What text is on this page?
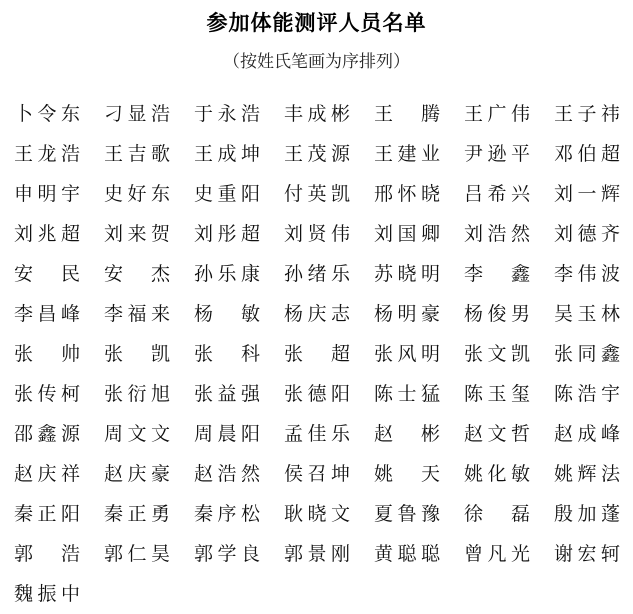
参加体能测评人员名单
（按姓氏笔画为序排列）
卜 令 东 刁 显 浩 于 永 浩 丰 成 彬 王 腾 王 广 伟 王 子 祎
王 龙 浩 王 吉 歌 王 成 坤 王 茂 源 王 建 业 尹 逊 平 邓 伯 超
申 明 宇 史 好 东 史 重 阳 付 英 凯 邢 怀 晓 吕 希 兴 刘 一 辉
刘 兆 超 刘 来 贺 刘 彤 超 刘 贤 伟 刘 国 卿 刘 浩 然 刘 德 齐
安 民 安 杰 孙 乐 康 孙 绪 乐 苏 晓 明 李 鑫 李 伟 波
李 昌 峰 李 福 来 杨 敏 杨 庆 志 杨 明 豪 杨 俊 男 吴 玉 林
张 帅 张 凯 张 科 张 超 张 风 明 张 文 凯 张 同 鑫
张 传 柯 张 衍 旭 张 益 强 张 德 阳 陈 士 猛 陈 玉 玺 陈 浩 宇
邵 鑫 源 周 文 文 周 晨 阳 孟 佳 乐 赵 彬 赵 文 哲 赵 成 峰
赵 庆 祥 赵 庆 豪 赵 浩 然 侯 召 坤 姚 天 姚 化 敏 姚 辉 法
秦 正 阳 秦 正 勇 秦 序 松 耿 晓 文 夏 鲁 豫 徐 磊 殷 加 蓬
郭 浩 郭 仁 昊 郭 学 良 郭 景 刚 黄 聪 聪 曾 凡 光 谢 宏 轲
魏 振 中
